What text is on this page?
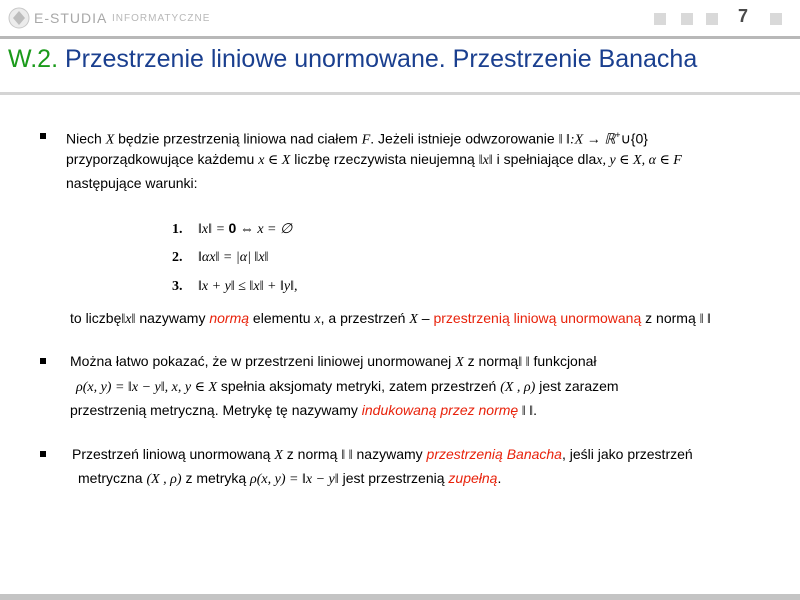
E-STUDIA INFORMATYCZNE	7
W.2. Przestrzenie liniowe unormowane. Przestrzenie Banacha
Niech X będzie przestrzenią liniowa nad ciałem F. Jeżeli istnieje odwzorowanie ‖ ‖:X → ℝ+∪{0}
przyporządkowujące każdemu x ∈ X liczbę rzeczywista nieujemną ‖x‖ i spełniające dlax, y ∈ X, α ∈ F
następujące warunki:
1. ‖x‖ = 0 ⇔ x = ∅
2. ‖αx‖ = |α| ‖x‖
3. ‖x + y‖ ≤ ‖x‖ + ‖y‖,
to liczbę‖x‖ nazywamy normą elementu x, a przestrzeń X – przestrzenią liniową unormowaną z normą ‖ ‖
Można łatwo pokazać, że w przestrzeni liniowej unormowanej X z normą‖ ‖ funkcjonał
ρ(x, y) = ‖x − y‖, x, y ∈ X spełnia aksjomaty metryki, zatem przestrzeń (X , ρ) jest zarazem
przestrzenią metryczną. Metrykę tę nazywamy indukowaną przez normę ‖ ‖.
Przestrzeń liniową unormowaną X z normą ‖ ‖ nazywamy przestrzenią Banacha, jeśli jako przestrzeń
metryczna (X , ρ) z metryką ρ(x, y) = ‖x − y‖ jest przestrzenią zupełną.
